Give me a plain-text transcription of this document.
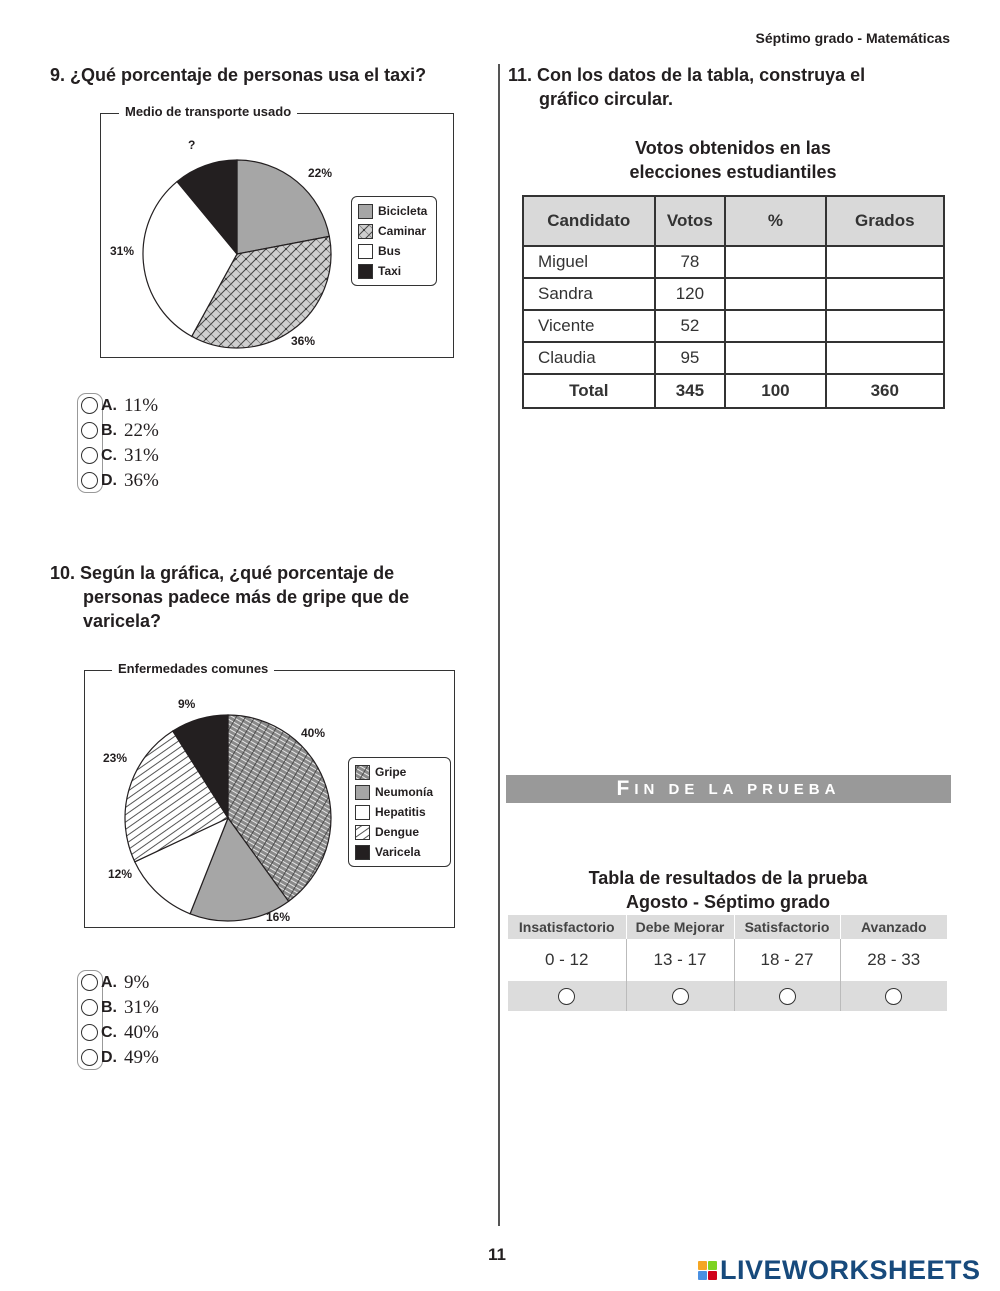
Séptimo grado - Matemáticas
9. ¿Qué porcentaje de personas usa el taxi?
Medio de transporte usado
?
22%
36%
31%
Bicicleta
Caminar
Bus
Taxi
A. 11%
B. 22%
C. 31%
D. 36%
10. Según la gráfica, ¿qué porcentaje de
personas padece más de gripe que de
varicela?
Enfermedades comunes
9%
40%
23%
12%
16%
Gripe
Neumonía
Hepatitis
Dengue
Varicela
A. 9%
B. 31%
C. 40%
D. 49%
11. Con los datos de la tabla, construya el
gráfico circular.
Votos obtenidos en las
elecciones estudiantiles
Candidato	Votos	%	Grados
Miguel	78		
Sandra	120		
Vicente	52		
Claudia	95		
Total	345	100	360
F IN DE LA PRUEBA
Tabla de resultados de la prueba
Agosto - Séptimo grado
Insatisfactorio	Debe Mejorar	Satisfactorio	Avanzado
0 - 12	13 - 17	18 - 27	28 - 33

11
LIVEWORKSHEETS
